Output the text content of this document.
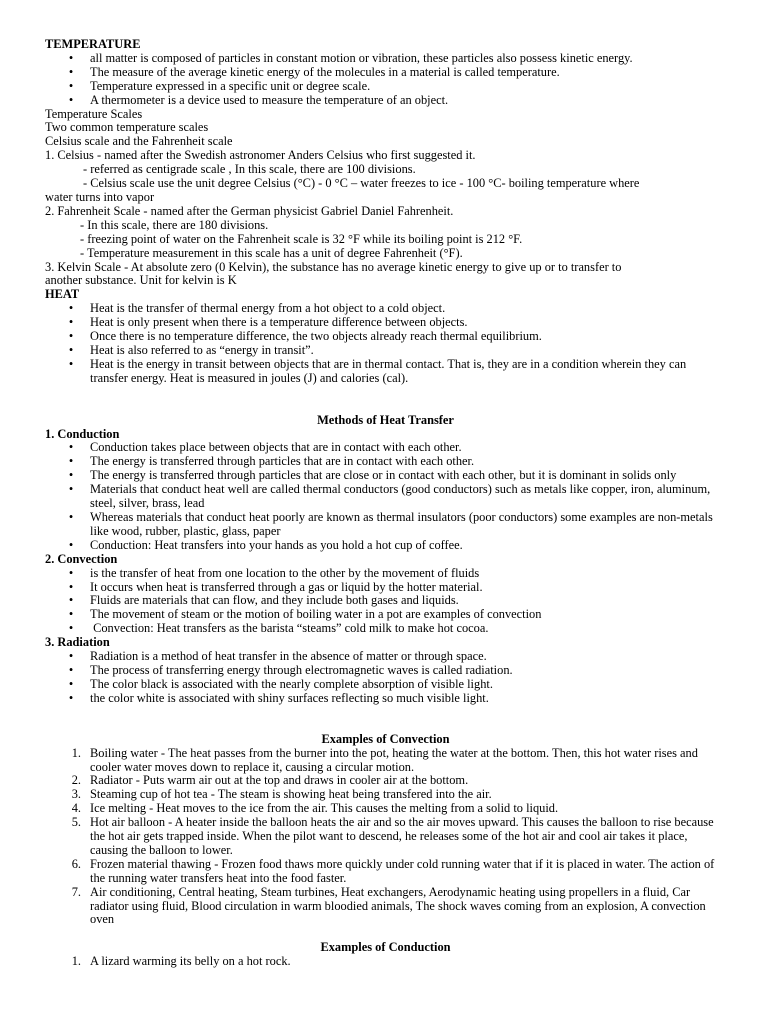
TEMPERATURE

• all matter is composed of particles in constant motion or vibration, these particles also possess kinetic energy.
• The measure of the average kinetic energy of the molecules in a material is called temperature.
• Temperature expressed in a specific unit or degree scale.
• A thermometer is a device used to measure the temperature of an object.

Temperature Scales

Two common temperature scales

Celsius scale and the Fahrenheit scale

1. Celsius - named after the Swedish astronomer Anders Celsius who first suggested it.

- referred as centigrade scale , In this scale, there are 100 divisions.

- Celsius scale use the unit degree Celsius (°C) - 0 °C – water freezes to ice - 100 °C- boiling temperature where

water turns into vapor

2. Fahrenheit Scale - named after the German physicist Gabriel Daniel Fahrenheit.

- In this scale, there are 180 divisions.

- freezing point of water on the Fahrenheit scale is 32 °F while its boiling point is 212 °F.

- Temperature measurement in this scale has a unit of degree Fahrenheit (°F).

3. Kelvin Scale - At absolute zero (0 Kelvin), the substance has no average kinetic energy to give up or to transfer to

another substance. Unit for kelvin is K

HEAT

• Heat is the transfer of thermal energy from a hot object to a cold object.
• Heat is only present when there is a temperature difference between objects.
• Once there is no temperature difference, the two objects already reach thermal equilibrium.
• Heat is also referred to as “energy in transit”.
• Heat is the energy in transit between objects that are in thermal contact. That is, they are in a condition wherein they can transfer energy. Heat is measured in joules (J) and calories (cal).

Methods of Heat Transfer

1. Conduction

• Conduction takes place between objects that are in contact with each other.
• The energy is transferred through particles that are in contact with each other.
• The energy is transferred through particles that are close or in contact with each other, but it is dominant in solids only
• Materials that conduct heat well are called thermal conductors (good conductors) such as metals like copper, iron, aluminum, steel, silver, brass, lead
• Whereas materials that conduct heat poorly are known as thermal insulators (poor conductors) some examples are non-metals like wood, rubber, plastic, glass, paper
• Conduction: Heat transfers into your hands as you hold a hot cup of coffee.

2. Convection

• is the transfer of heat from one location to the other by the movement of fluids
• It occurs when heat is transferred through a gas or liquid by the hotter material.
• Fluids are materials that can flow, and they include both gases and liquids.
• The movement of steam or the motion of boiling water in a pot are examples of convection
• Convection: Heat transfers as the barista “steams” cold milk to make hot cocoa.

3. Radiation

• Radiation is a method of heat transfer in the absence of matter or through space.
• The process of transferring energy through electromagnetic waves is called radiation.
• The color black is associated with the nearly complete absorption of visible light.
• the color white is associated with shiny surfaces reflecting so much visible light.

Examples of Convection

1. Boiling water - The heat passes from the burner into the pot, heating the water at the bottom. Then, this hot water rises and cooler water moves down to replace it, causing a circular motion.
2. Radiator - Puts warm air out at the top and draws in cooler air at the bottom.
3. Steaming cup of hot tea - The steam is showing heat being transfered into the air.
4. Ice melting - Heat moves to the ice from the air. This causes the melting from a solid to liquid.
5. Hot air balloon - A heater inside the balloon heats the air and so the air moves upward. This causes the balloon to rise because the hot air gets trapped inside. When the pilot want to descend, he releases some of the hot air and cool air takes it place, causing the balloon to lower.
6. Frozen material thawing - Frozen food thaws more quickly under cold running water that if it is placed in water. The action of the running water transfers heat into the food faster.
7. Air conditioning, Central heating, Steam turbines, Heat exchangers, Aerodynamic heating using propellers in a fluid, Car radiator using fluid, Blood circulation in warm bloodied animals, The shock waves coming from an explosion, A convection oven

Examples of Conduction

1. A lizard warming its belly on a hot rock.
